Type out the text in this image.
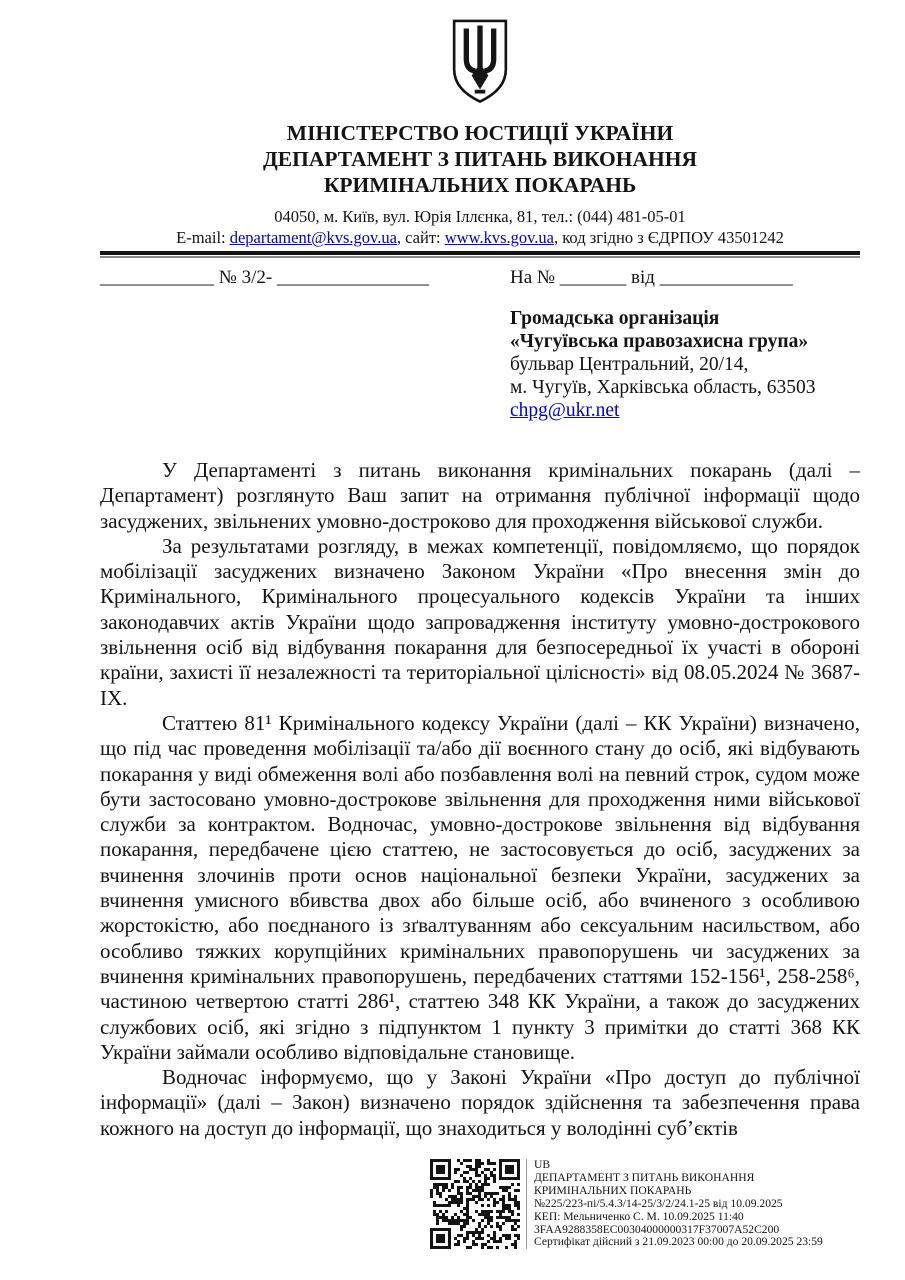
МІНІСТЕРСТВО ЮСТИЦІЇ УКРАЇНИ
ДЕПАРТАМЕНТ З ПИТАНЬ ВИКОНАННЯ
КРИМІНАЛЬНИХ ПОКАРАНЬ
04050, м. Київ, вул. Юрія Іллєнка, 81, тел.: (044) 481-05-01
E-mail: departament@kvs.gov.ua, сайт: www.kvs.gov.ua, код згідно з ЄДРПОУ 43501242
____________ № 3/2- ________________	На № _______ від ______________
Громадська організація
«Чугуївська правозахисна група»
бульвар Центральний, 20/14,
м. Чугуїв, Харківська область, 63503
chpg@ukr.net

У Департаменті з питань виконання кримінальних покарань (далі – Департамент) розглянуто Ваш запит на отримання публічної інформації щодо засуджених, звільнених умовно-достроково для проходження військової служби.

За результатами розгляду, в межах компетенції, повідомляємо, що порядок мобілізації засуджених визначено Законом України «Про внесення змін до Кримінального, Кримінального процесуального кодексів України та інших законодавчих актів України щодо запровадження інституту умовно-дострокового звільнення осіб від відбування покарання для безпосередньої їх участі в обороні країни, захисті її незалежності та територіальної цілісності» від 08.05.2024 № 3687-IX.

Статтею 81¹ Кримінального кодексу України (далі – КК України) визначено, що під час проведення мобілізації та/або дії воєнного стану до осіб, які відбувають покарання у виді обмеження волі або позбавлення волі на певний строк, судом може бути застосовано умовно-дострокове звільнення для проходження ними військової служби за контрактом. Водночас, умовно-дострокове звільнення від відбування покарання, передбачене цією статтею, не застосовується до осіб, засуджених за вчинення злочинів проти основ національної безпеки України, засуджених за вчинення умисного вбивства двох або більше осіб, або вчиненого з особливою жорстокістю, або поєднаного із зґвалтуванням або сексуальним насильством, або особливо тяжких корупційних кримінальних правопорушень чи засуджених за вчинення кримінальних правопорушень, передбачених статтями 152-156¹, 258-258⁶, частиною четвертою статті 286¹, статтею 348 КК України, а також до засуджених службових осіб, які згідно з підпунктом 1 пункту 3 примітки до статті 368 КК України займали особливо відповідальне становище.

Водночас інформуємо, що у Законі України «Про доступ до публічної інформації» (далі – Закон) визначено порядок здійснення та забезпечення права кожного на доступ до інформації, що знаходиться у володінні суб’єктів

UB
ДЕПАРТАМЕНТ З ПИТАНЬ ВИКОНАННЯ
КРИМІНАЛЬНИХ ПОКАРАНЬ
№225/223-пі/5.4.3/14-25/3/2/24.1-25 від 10.09.2025
КЕП: Мельниченко С. М. 10.09.2025 11:40
3FAA9288358EC00304000000317F37007A52C200
Сертифікат дійсний з 21.09.2023 00:00 до 20.09.2025 23:59
